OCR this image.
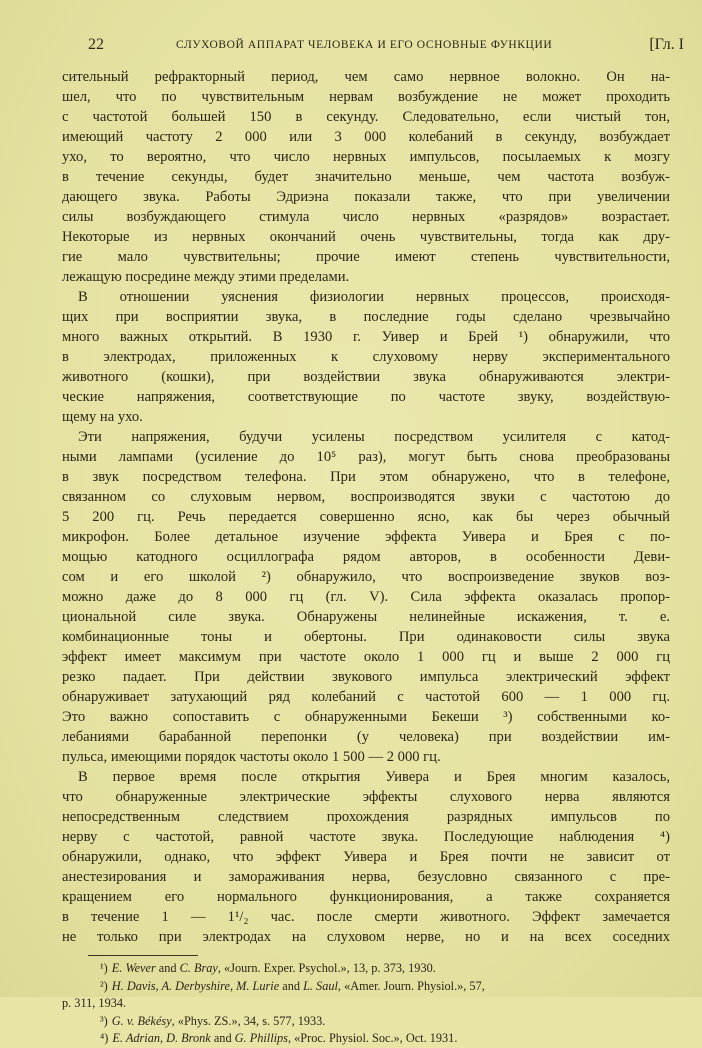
22	СЛУХОВОЙ АППАРАТ ЧЕЛОВЕКА И ЕГО ОСНОВНЫЕ ФУНКЦИИ	[Гл. I
сительный рефракторный период, чем само нервное волокно. Он на-
шел, что по чувствительным нервам возбуждение не может проходить
с частотой большей 150 в секунду. Следовательно, если чистый тон,
имеющий частоту 2 000 или 3 000 колебаний в секунду, возбуждает
ухо, то вероятно, что число нервных импульсов, посылаемых к мозгу
в течение секунды, будет значительно меньше, чем частота возбуж-
дающего звука. Работы Эдриэна показали также, что при увеличении
силы возбуждающего стимула число нервных «разрядов» возрастает.
Некоторые из нервных окончаний очень чувствительны, тогда как дру-
гие мало чувствительны; прочие имеют степень чувствительности,
лежащую посредине между этими пределами.
В отношении уяснения физиологии нервных процессов, происходя-
щих при восприятии звука, в последние годы сделано чрезвычайно
много важных открытий. В 1930 г. Уивер и Брей ¹) обнаружили, что
в электродах, приложенных к слуховому нерву экспериментального
животного (кошки), при воздействии звука обнаруживаются электри-
ческие напряжения, соответствующие по частоте звуку, воздействую-
щему на ухо.
Эти напряжения, будучи усилены посредством усилителя с катод-
ными лампами (усиление до 10⁵ раз), могут быть снова преобразованы
в звук посредством телефона. При этом обнаружено, что в телефоне,
связанном со слуховым нервом, воспроизводятся звуки с частотою до
5 200 гц. Речь передается совершенно ясно, как бы через обычный
микрофон. Более детальное изучение эффекта Уивера и Брея с по-
мощью катодного осциллографа рядом авторов, в особенности Деви-
сом и его школой ²) обнаружило, что воспроизведение звуков воз-
можно даже до 8 000 гц (гл. V). Сила эффекта оказалась пропор-
циональной силе звука. Обнаружены нелинейные искажения, т. е.
комбинационные тоны и обертоны. При одинаковости силы звука
эффект имеет максимум при частоте около 1 000 гц и выше 2 000 гц
резко падает. При действии звукового импульса электрический эффект
обнаруживает затухающий ряд колебаний с частотой 600 — 1 000 гц.
Это важно сопоставить с обнаруженными Бекеши ³) собственными ко-
лебаниями барабанной перепонки (у человека) при воздействии им-
пульса, имеющими порядок частоты около 1 500 — 2 000 гц.
В первое время после открытия Уивера и Брея многим казалось,
что обнаруженные электрические эффекты слухового нерва являются
непосредственным следствием прохождения разрядных импульсов по
нерву с частотой, равной частоте звука. Последующие наблюдения ⁴)
обнаружили, однако, что эффект Уивера и Брея почти не зависит от
анестезирования и замораживания нерва, безусловно связанного с пре-
кращением его нормального функционирования, а также сохраняется
в течение 1 — 1¹/₂ час. после смерти животного. Эффект замечается
не только при электродах на слуховом нерве, но и на всех соседних
¹) E. Wever and C. Bray, «Journ. Exper. Psychol.», 13, p. 373, 1930.
²) H. Davis, A. Derbyshire, M. Lurie and L. Saul, «Amer. Journ. Physiol.», 57,
p. 311, 1934.
³) G. v. Békésy, «Phys. ZS.», 34, s. 577, 1933.
⁴) E. Adrian, D. Bronk and G. Phillips, «Proc. Physiol. Soc.», Oct. 1931.
